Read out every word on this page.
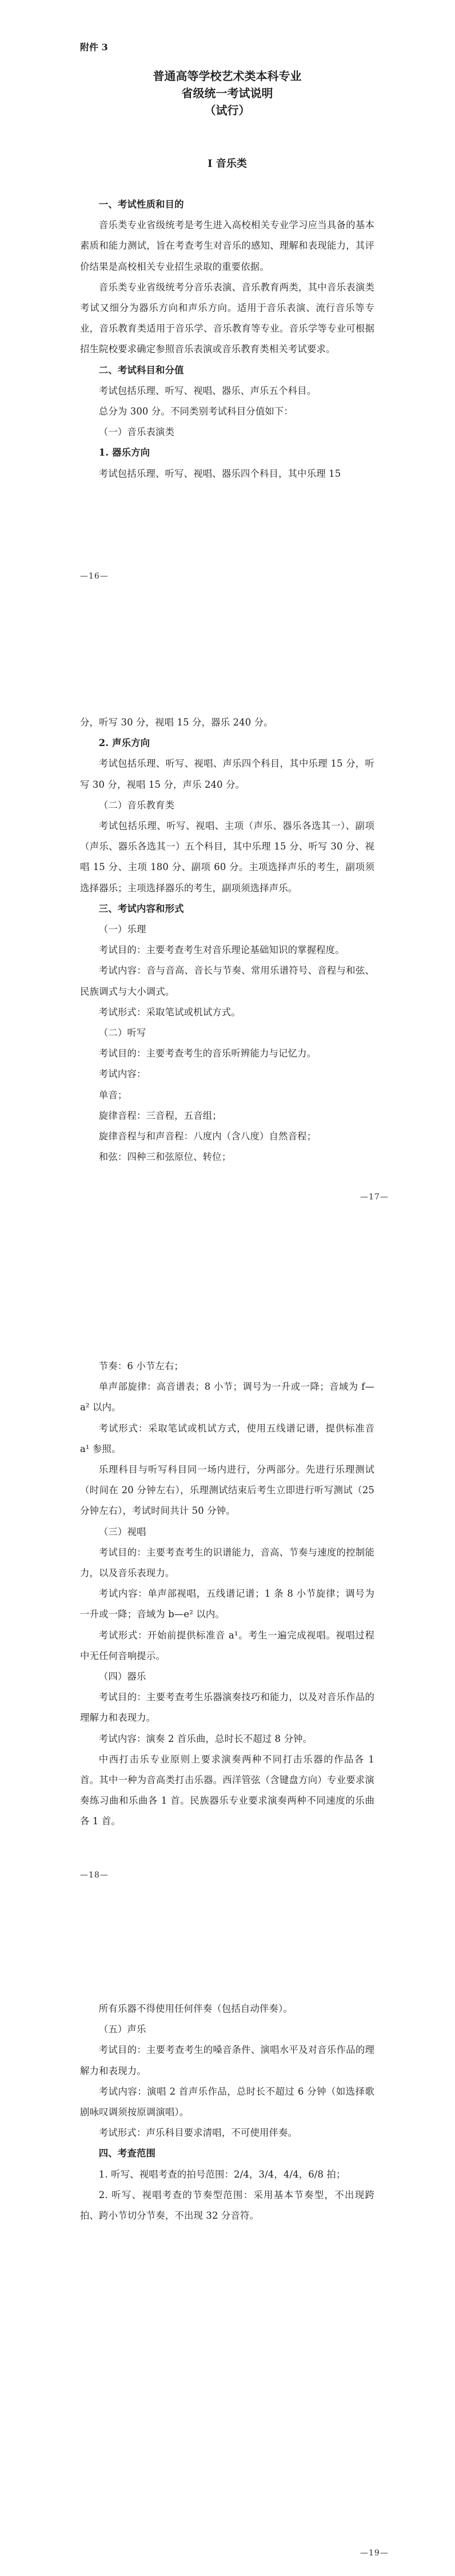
附件 3

普通高等学校艺术类本科专业

省级统一考试说明

（试行）

Ⅰ 音乐类

一、考试性质和目的

音乐类专业省级统考是考生进入高校相关专业学习应当具备的基本素质和能力测试，旨在考查考生对音乐的感知、理解和表现能力，其评价结果是高校相关专业招生录取的重要依据。

音乐类专业省级统考分音乐表演、音乐教育两类，其中音乐表演类考试又细分为器乐方向和声乐方向。适用于音乐表演、流行音乐等专业，音乐教育类适用于音乐学、音乐教育等专业。音乐学等专业可根据招生院校要求确定参照音乐表演或音乐教育类相关考试要求。

二、考试科目和分值

考试包括乐理、听写、视唱、器乐、声乐五个科目。

总分为 300 分。不同类别考试科目分值如下：

（一）音乐表演类

1. 器乐方向

考试包括乐理、听写、视唱、器乐四个科目，其中乐理 15

—16—

分，听写 30 分，视唱 15 分，器乐 240 分。

2. 声乐方向

考试包括乐理、听写、视唱、声乐四个科目，其中乐理 15 分，听写 30 分，视唱 15 分，声乐 240 分。

（二）音乐教育类

考试包括乐理、听写、视唱、主项（声乐、器乐各选其一）、副项（声乐、器乐各选其一）五个科目，其中乐理 15 分、听写 30 分、视唱 15 分、主项 180 分、副项 60 分。主项选择声乐的考生，副项须选择器乐；主项选择器乐的考生，副项须选择声乐。

三、考试内容和形式

（一）乐理

考试目的：主要考查考生对音乐理论基础知识的掌握程度。

考试内容：音与音高、音长与节奏、常用乐谱符号、音程与和弦、民族调式与大小调式。

考试形式：采取笔试或机试方式。

（二）听写

考试目的：主要考查考生的音乐听辨能力与记忆力。

考试内容：

单音；

旋律音程：三音程，五音组；

旋律音程与和声音程：八度内（含八度）自然音程；

和弦：四种三和弦原位、转位；

—17—

节奏：6 小节左右；

单声部旋律：高音谱表；8 小节；调号为一升或一降；音域为 f—a² 以内。

考试形式：采取笔试或机试方式，使用五线谱记谱，提供标准音 a¹ 参照。

乐理科目与听写科目同一场内进行，分两部分。先进行乐理测试（时间在 20 分钟左右），乐理测试结束后考生立即进行听写测试（25 分钟左右），考试时间共计 50 分钟。

（三）视唱

考试目的：主要考查考生的识谱能力，音高、节奏与速度的控制能力，以及音乐表现力。

考试内容：单声部视唱，五线谱记谱；1 条 8 小节旋律；调号为一升或一降；音域为 b—e² 以内。

考试形式：开始前提供标准音 a¹。考生一遍完成视唱。视唱过程中无任何音响提示。

（四）器乐

考试目的：主要考查考生乐器演奏技巧和能力，以及对音乐作品的理解力和表现力。

考试内容：演奏 2 首乐曲，总时长不超过 8 分钟。

中西打击乐专业原则上要求演奏两种不同打击乐器的作品各 1 首。其中一种为音高类打击乐器。西洋管弦（含键盘方向）专业要求演奏练习曲和乐曲各 1 首。民族器乐专业要求演奏两种不同速度的乐曲各 1 首。

—18—

所有乐器不得使用任何伴奏（包括自动伴奏）。

（五）声乐

考试目的：主要考查考生的嗓音条件、演唱水平及对音乐作品的理解力和表现力。

考试内容：演唱 2 首声乐作品，总时长不超过 6 分钟（如选择歌剧咏叹调须按原调演唱）。

考试形式：声乐科目要求清唱，不可使用伴奏。

四、考查范围

1. 听写、视唱考查的拍号范围：2/4，3/4，4/4，6/8 拍；

2. 听写、视唱考查的节奏型范围：采用基本节奏型，不出现跨拍、跨小节切分节奏，不出现 32 分音符。

—19—
